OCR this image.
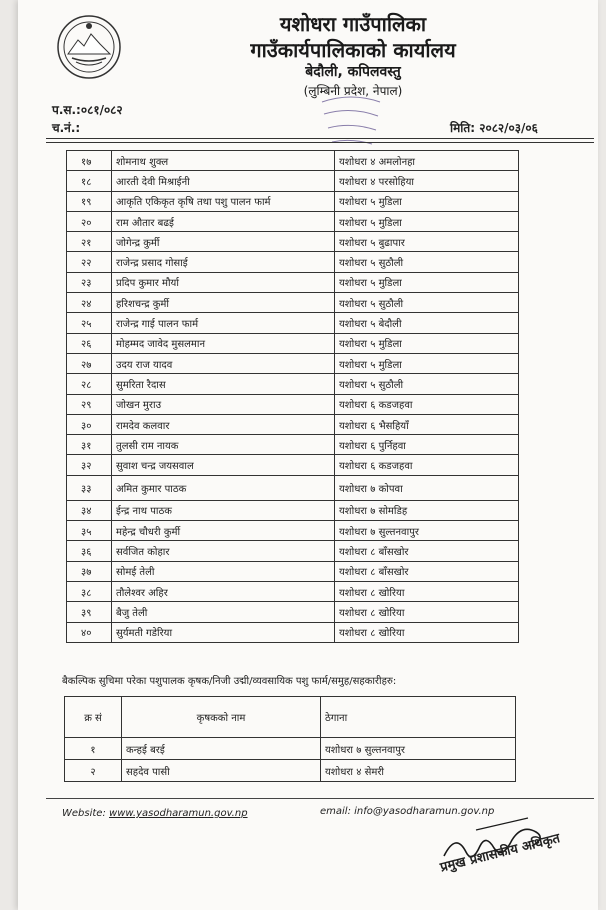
यशोधरा गाउँपालिका
गाउँकार्यपालिकाको कार्यालय
बेदौली, कपिलवस्तु
(लुम्बिनी प्रदेश, नेपाल)
प.स.:०८१/०८२
च.नं.:	मिति: २०८२/०३/०६
१७	शोमनाथ शुक्ल	यशोधरा ४ अमलोनहा
१८	आरती देवी मिश्राईनी	यशोधरा ४ परसोहिया
१९	आकृति एकिकृत कृषि तथा पशु पालन फार्म	यशोधरा ५ मुडिला
२०	राम औतार बढई	यशोधरा ५ मुडिला
२१	जोगेन्द्र कुर्मी	यशोधरा ५ बुढापार
२२	राजेन्द्र प्रसाद गोसाई	यशोधरा ५ सुठौली
२३	प्रदिप कुमार मौर्या	यशोधरा ५ मुडिला
२४	हरिशचन्द्र कुर्मी	यशोधरा ५ सुठौली
२५	राजेन्द्र गाई पालन फार्म	यशोधरा ५ बेदौली
२६	मोहम्मद जावेद मुसलमान	यशोधरा ५ मुडिला
२७	उदय राज यादव	यशोधरा ५ मुडिला
२८	सुमरिता रैदास	यशोधरा ५ सुठौली
२९	जोखन मुराउ	यशोधरा ६ कडजहवा
३०	रामदेव कलवार	यशोधरा ६ भैसहियाँ
३१	तुलसी राम नायक	यशोधरा ६ पुर्निहवा
३२	सुवाश चन्द्र जयसवाल	यशोधरा ६ कडजहवा
३३	अमित कुमार पाठक	यशोधरा ७ कोपवा
३४	ईन्द्र नाथ पाठक	यशोधरा ७ सोमडिह
३५	महेन्द्र चौधरी कुर्मी	यशोधरा ७ सुल्तनवापुर
३६	सर्वजित कोहार	यशोधरा ८ बाँसखोर
३७	सोमई तेली	यशोधरा ८ बाँसखोर
३८	तौलेश्वर अहिर	यशोधरा ८ खोरिया
३९	बैजु तेली	यशोधरा ८ खोरिया
४०	सुर्यमती गडेरिया	यशोधरा ८ खोरिया
बैकल्पिक सुचिमा परेका पशुपालक कृषक/निजी उद्मी/व्यवसायिक पशु फार्म/समुह/सहकारीहरु:
क्र सं	कृषकको नाम	ठेगाना
१	कन्हई बरई	यशोधरा ७ सुल्तनवापुर
२	सहदेव पासी	यशोधरा ४ सेमरी
Website: www.yasodharamun.gov.np	email: info@yasodharamun.gov.np
प्रमुख प्रशासकीय अधिकृत
